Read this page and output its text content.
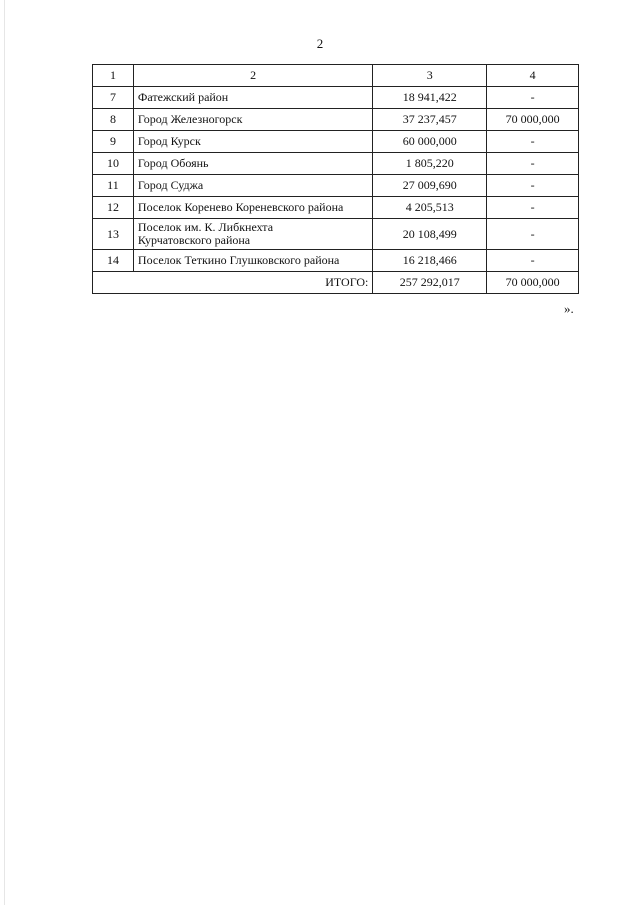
2
1	2	3	4
7	Фатежский район	18 941,422	-
8	Город Железногорск	37 237,457	70 000,000
9	Город Курск	60 000,000	-
10	Город Обоянь	1 805,220	-
11	Город Суджа	27 009,690	-
12	Поселок Коренево Кореневского района	4 205,513	-
13	Поселок им. К. Либкнехта
Курчатовского района	20 108,499	-
14	Поселок Теткино Глушковского района	16 218,466	-
ИТОГО:		257 292,017	70 000,000
».
